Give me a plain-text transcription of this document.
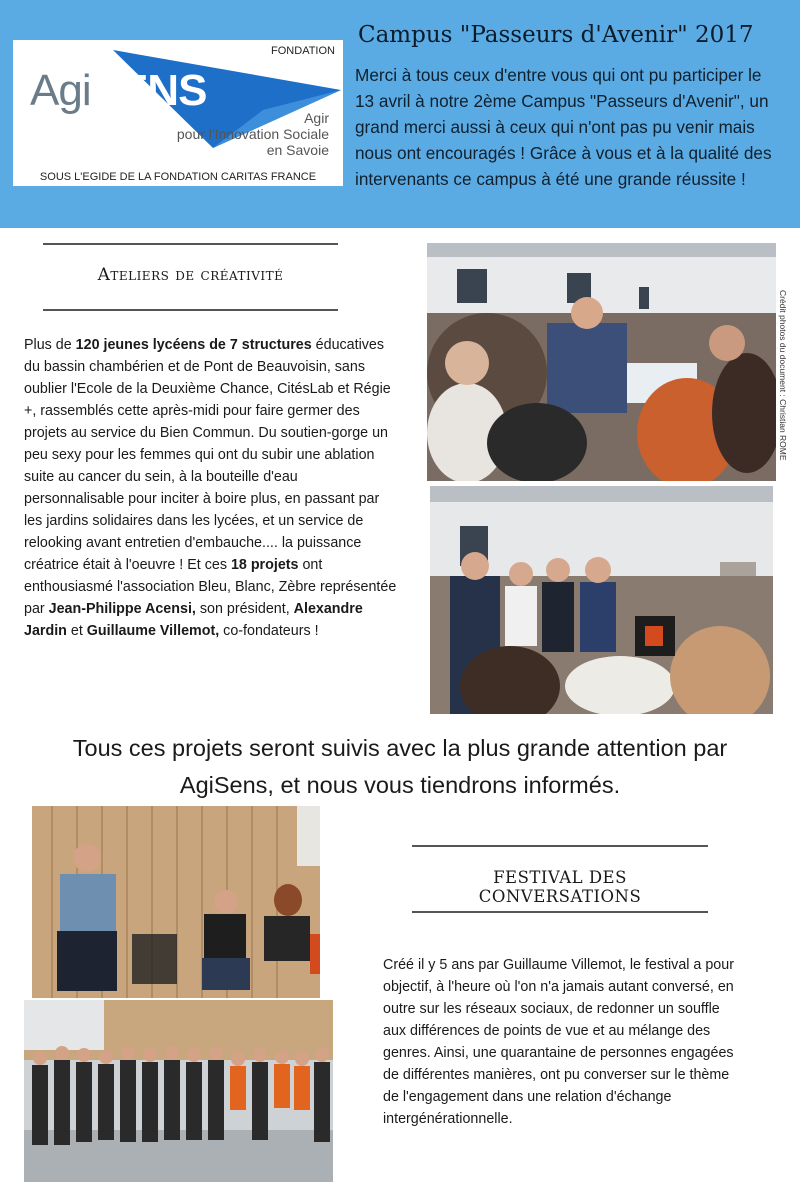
FONDATION
AgiSENS
Agir
pour l'Innovation Sociale
en Savoie
SOUS L'EGIDE DE LA FONDATION CARITAS FRANCE
Campus "Passeurs d'Avenir" 2017
Merci à tous ceux d'entre vous qui ont pu participer le 13 avril à notre 2ème Campus "Passeurs d'Avenir", un grand merci aussi à ceux qui n'ont pas pu venir mais nous ont encouragés ! Grâce à vous et à la qualité des intervenants ce campus à été une grande réussite !
Ateliers de créativité
Plus de 120 jeunes lycéens de 7 structures éducatives du bassin chambérien et de Pont de Beauvoisin, sans oublier l'Ecole de la Deuxième Chance, CitésLab et Régie +, rassemblés cette après-midi pour faire germer des projets au service du Bien Commun. Du soutien-gorge un peu sexy pour les femmes qui ont du subir une ablation suite au cancer du sein, à la bouteille d'eau personnalisable pour inciter à boire plus, en passant par les jardins solidaires dans les lycées, et un service de relooking avant entretien d'embauche.... la puissance créatrice était à l'oeuvre ! Et ces 18 projets ont enthousiasmé l'association Bleu, Blanc, Zèbre représentée par Jean-Philippe Acensi, son président, Alexandre Jardin et Guillaume Villemot, co-fondateurs !
Crédit photos du document : Christian ROME
Tous ces projets seront suivis avec la plus grande attention par AgiSens, et nous vous tiendrons informés.
FESTIVAL DES CONVERSATIONS
Créé il y 5 ans par Guillaume Villemot, le festival a pour objectif, à l'heure où l'on n'a jamais autant conversé, en outre sur les réseaux sociaux, de redonner un souffle aux différences de points de vue et au mélange des genres. Ainsi, une quarantaine de personnes engagées de différentes manières, ont pu converser sur le thème de l'engagement dans une relation d'échange intergénérationnelle.
